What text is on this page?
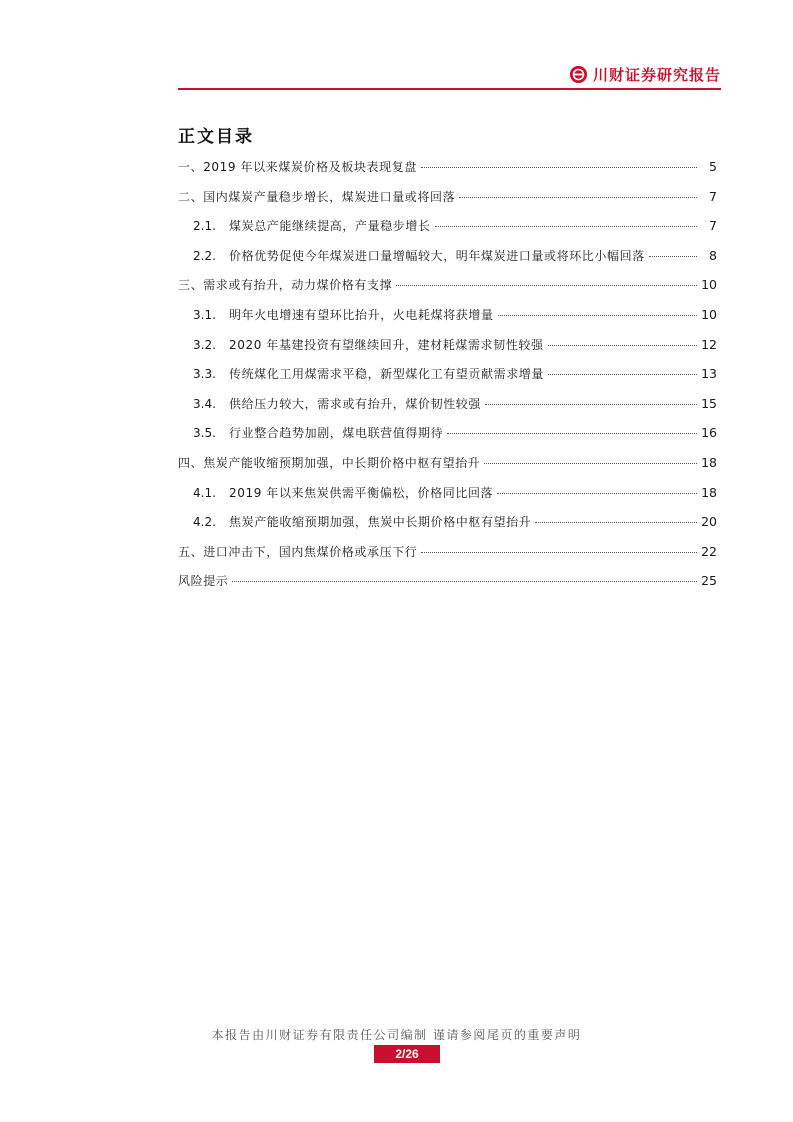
川财证券研究报告
正文目录
一、2019 年以来煤炭价格及板块表现复盘	5
二、国内煤炭产量稳步增长，煤炭进口量或将回落	7
2.1.	煤炭总产能继续提高，产量稳步增长	7
2.2.	价格优势促使今年煤炭进口量增幅较大，明年煤炭进口量或将环比小幅回落	8
三、需求或有抬升，动力煤价格有支撑	10
3.1.	明年火电增速有望环比抬升，火电耗煤将获增量	10
3.2.	2020 年基建投资有望继续回升，建材耗煤需求韧性较强	12
3.3.	传统煤化工用煤需求平稳，新型煤化工有望贡献需求增量	13
3.4.	供给压力较大，需求或有抬升，煤价韧性较强	15
3.5.	行业整合趋势加剧，煤电联营值得期待	16
四、焦炭产能收缩预期加强，中长期价格中枢有望抬升	18
4.1.	2019 年以来焦炭供需平衡偏松，价格同比回落	18
4.2.	焦炭产能收缩预期加强，焦炭中长期价格中枢有望抬升	20
五、进口冲击下，国内焦煤价格或承压下行	22
风险提示	25
本报告由川财证券有限责任公司编制 谨请参阅尾页的重要声明
2/26
